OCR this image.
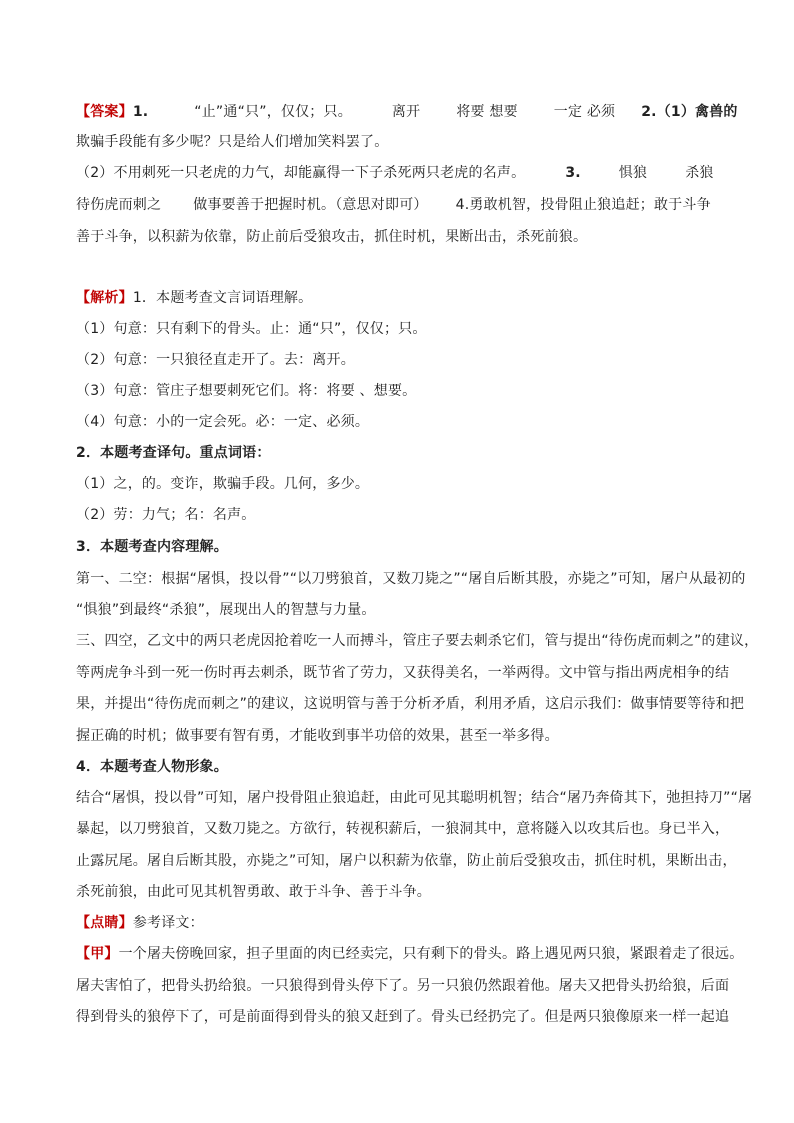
【答案】1.	“止”通“只”，仅仅；只。	离开	将要 想要	一定 必须 2.（1）禽兽的
欺骗手段能有多少呢？只是给人们增加笑料罢了。
（2）不用刺死一只老虎的力气，却能赢得一下子杀死两只老虎的名声。	3.	惧狼	杀狼
待伤虎而刺之 做事要善于把握时机。（意思对即可） 4.勇敢机智，投骨阻止狼追赶；敢于斗争
善于斗争，以积薪为依靠，防止前后受狼攻击，抓住时机，果断出击，杀死前狼。
【解析】1．本题考查文言词语理解。
（1）句意：只有剩下的骨头。止：通“只”，仅仅；只。
（2）句意：一只狼径直走开了。去：离开。
（3）句意：管庄子想要刺死它们。将：将要 、想要。
（4）句意：小的一定会死。必：一定、必须。
2．本题考查译句。重点词语：
（1）之，的。变诈，欺骗手段。几何，多少。
（2）劳：力气；名：名声。
3．本题考查内容理解。
第一、二空：根据“屠惧，投以骨”“以刀劈狼首，又数刀毙之”“屠自后断其股，亦毙之”可知，屠户从最初的
“惧狼”到最终“杀狼”，展现出人的智慧与力量。
三、四空，乙文中的两只老虎因抢着吃一人而搏斗，管庄子要去刺杀它们，管与提出“待伤虎而刺之”的建议，
等两虎争斗到一死一伤时再去刺杀，既节省了劳力，又获得美名，一举两得。文中管与指出两虎相争的结
果，并提出“待伤虎而刺之”的建议，这说明管与善于分析矛盾，利用矛盾，这启示我们：做事情要等待和把
握正确的时机；做事要有智有勇，才能收到事半功倍的效果，甚至一举多得。
4．本题考查人物形象。
结合“屠惧，投以骨”可知，屠户投骨阻止狼追赶，由此可见其聪明机智；结合“屠乃奔倚其下，弛担持刀”“屠
暴起，以刀劈狼首，又数刀毙之。方欲行，转视积薪后，一狼洞其中，意将隧入以攻其后也。身已半入，
止露尻尾。屠自后断其股，亦毙之”可知，屠户以积薪为依靠，防止前后受狼攻击，抓住时机，果断出击，
杀死前狼，由此可见其机智勇敢、敢于斗争、善于斗争。
【点睛】参考译文：
【甲】一个屠夫傍晚回家，担子里面的肉已经卖完，只有剩下的骨头。路上遇见两只狼，紧跟着走了很远。
屠夫害怕了，把骨头扔给狼。一只狼得到骨头停下了。另一只狼仍然跟着他。屠夫又把骨头扔给狼，后面
得到骨头的狼停下了，可是前面得到骨头的狼又赶到了。骨头已经扔完了。但是两只狼像原来一样一起追
